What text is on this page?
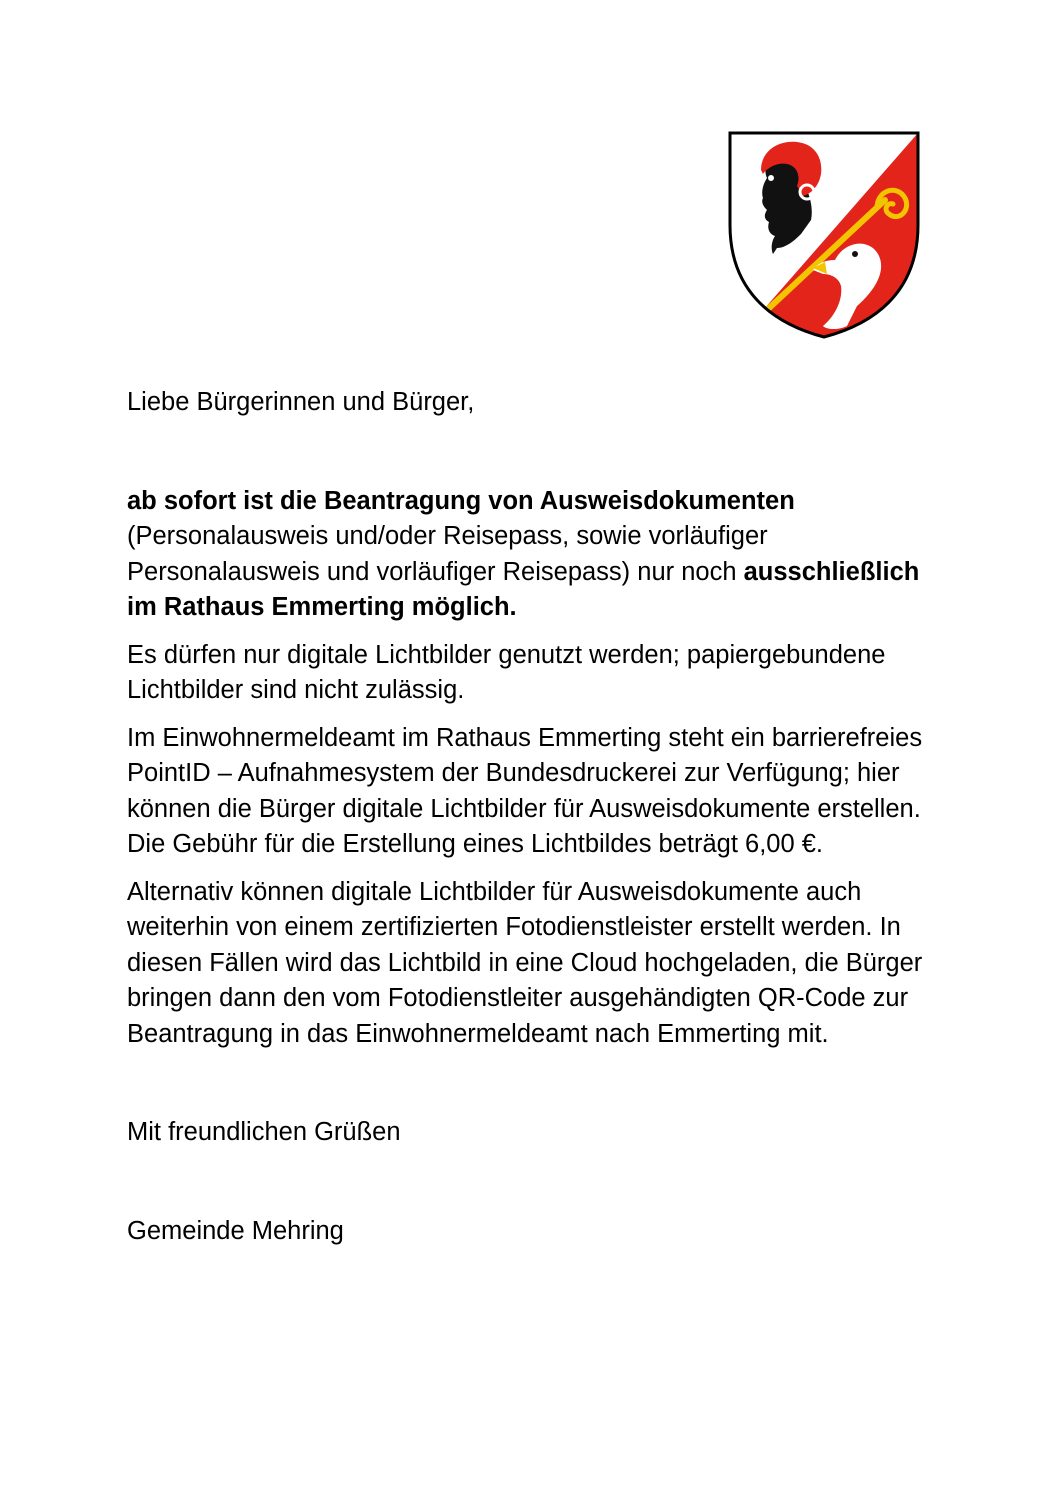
Liebe Bürgerinnen und Bürger,

ab sofort ist die Beantragung von Ausweisdokumenten (Personalausweis und/oder Reisepass, sowie vorläufiger Personalausweis und vorläufiger Reisepass) nur noch ausschließlich im Rathaus Emmerting möglich.

Es dürfen nur digitale Lichtbilder genutzt werden; papiergebundene Lichtbilder sind nicht zulässig.

Im Einwohnermeldeamt im Rathaus Emmerting steht ein barrierefreies PointID – Aufnahmesystem der Bundesdruckerei zur Verfügung; hier können die Bürger digitale Lichtbilder für Ausweisdokumente erstellen. Die Gebühr für die Erstellung eines Lichtbildes beträgt 6,00 €.

Alternativ können digitale Lichtbilder für Ausweisdokumente auch weiterhin von einem zertifizierten Fotodienstleister erstellt werden. In diesen Fällen wird das Lichtbild in eine Cloud hochgeladen, die Bürger bringen dann den vom Fotodienstleiter ausgehändigten QR-Code zur Beantragung in das Einwohnermeldeamt nach Emmerting mit.

Mit freundlichen Grüßen

Gemeinde Mehring
